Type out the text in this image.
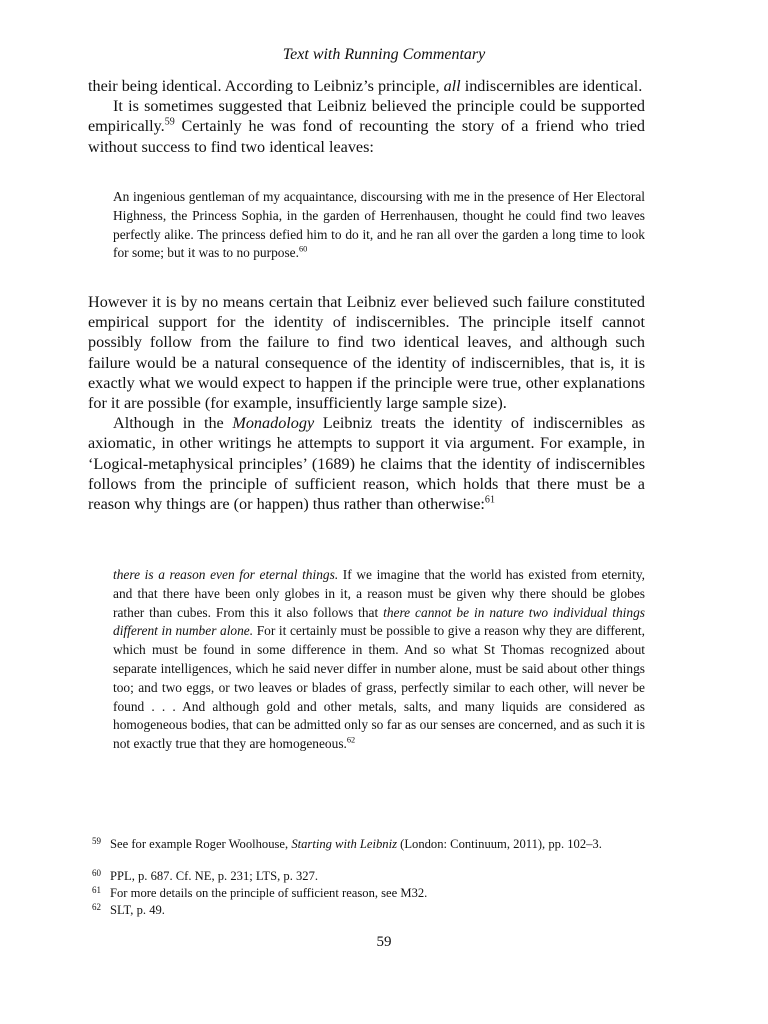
Text with Running Commentary

their being identical. According to Leibniz’s principle, all indiscernibles are identical.

It is sometimes suggested that Leibniz believed the principle could be supported empirically.$^{59}$ Certainly he was fond of recounting the story of a friend who tried without success to find two identical leaves:

An ingenious gentleman of my acquaintance, discoursing with me in the presence of Her Electoral Highness, the Princess Sophia, in the garden of Herrenhausen, thought he could find two leaves perfectly alike. The princess defied him to do it, and he ran all over the garden a long time to look for some; but it was to no purpose.$^{60}$

However it is by no means certain that Leibniz ever believed such failure constituted empirical support for the identity of indiscernibles. The principle itself cannot possibly follow from the failure to find two identical leaves, and although such failure would be a natural consequence of the identity of indiscernibles, that is, it is exactly what we would expect to happen if the principle were true, other explanations for it are possible (for example, insufficiently large sample size).

Although in the Monadology Leibniz treats the identity of indiscernibles as axiomatic, in other writings he attempts to support it via argument. For example, in ‘Logical-metaphysical principles’ (1689) he claims that the identity of indiscernibles follows from the principle of sufficient reason, which holds that there must be a reason why things are (or happen) thus rather than otherwise:$^{61}$

there is a reason even for eternal things. If we imagine that the world has existed from eternity, and that there have been only globes in it, a reason must be given why there should be globes rather than cubes. From this it also follows that there cannot be in nature two individual things different in number alone. For it certainly must be possible to give a reason why they are different, which must be found in some difference in them. And so what St Thomas recognized about separate intelligences, which he said never differ in number alone, must be said about other things too; and two eggs, or two leaves or blades of grass, perfectly similar to each other, will never be found . . . And although gold and other metals, salts, and many liquids are considered as homogeneous bodies, that can be admitted only so far as our senses are concerned, and as such it is not exactly true that they are homogeneous.$^{62}$

59 See for example Roger Woolhouse, Starting with Leibniz (London: Continuum, 2011), pp. 102–3.
60 PPL, p. 687. Cf. NE, p. 231; LTS, p. 327.
61 For more details on the principle of sufficient reason, see M32.
62 SLT, p. 49.
59
